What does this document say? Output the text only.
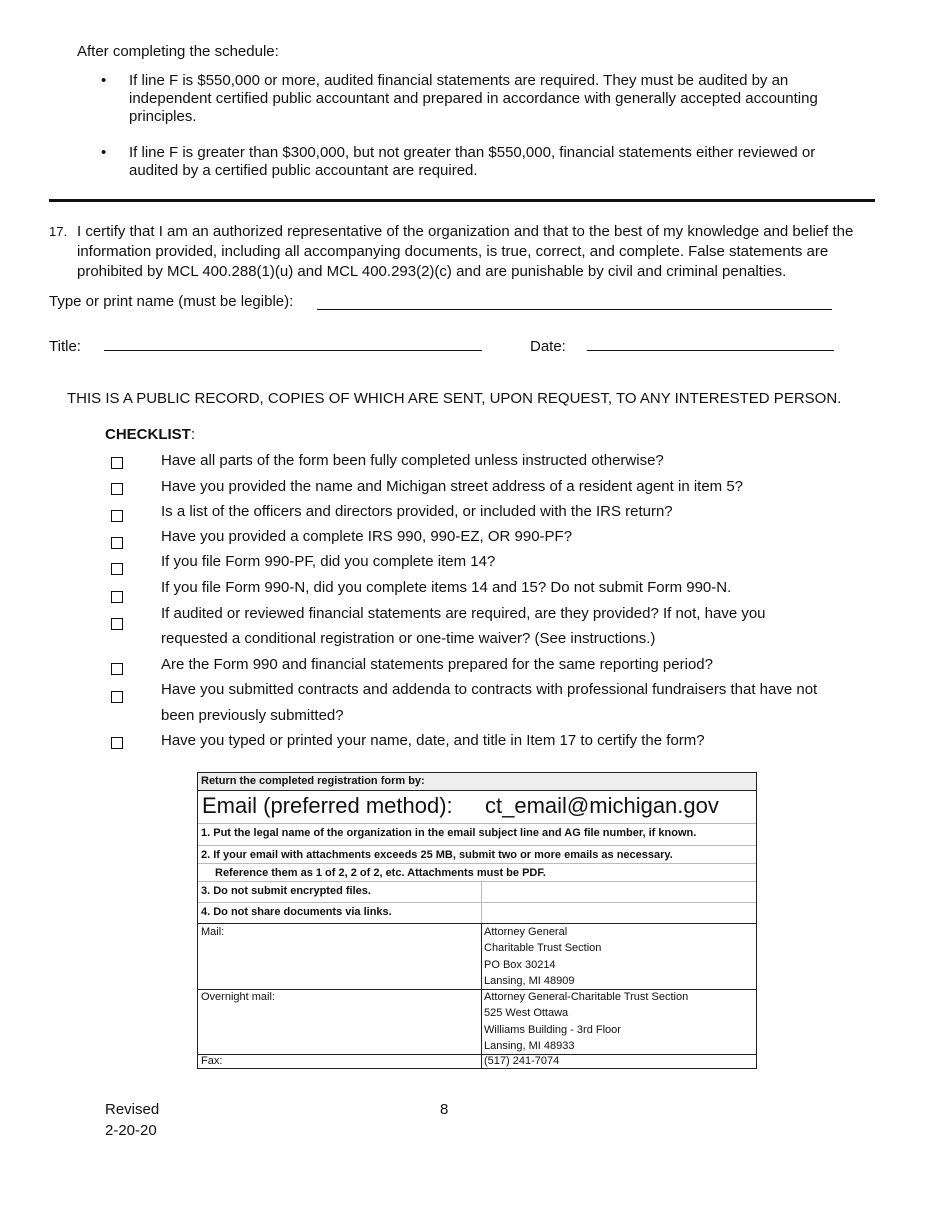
After completing the schedule:
• If line F is $550,000 or more, audited financial statements are required. They must be audited by an
independent certified public accountant and prepared in accordance with generally accepted accounting
principles.
• If line F is greater than $300,000, but not greater than $550,000, financial statements either reviewed or
audited by a certified public accountant are required.
17. I certify that I am an authorized representative of the organization and that to the best of my knowledge and belief the
information provided, including all accompanying documents, is true, correct, and complete. False statements are
prohibited by MCL 400.288(1)(u) and MCL 400.293(2)(c) and are punishable by civil and criminal penalties.
Type or print name (must be legible):
Title:	Date:
THIS IS A PUBLIC RECORD, COPIES OF WHICH ARE SENT, UPON REQUEST, TO ANY INTERESTED PERSON.
CHECKLIST:
Have all parts of the form been fully completed unless instructed otherwise?
Have you provided the name and Michigan street address of a resident agent in item 5?
Is a list of the officers and directors provided, or included with the IRS return?
Have you provided a complete IRS 990, 990-EZ, OR 990-PF?
If you file Form 990-PF, did you complete item 14?
If you file Form 990-N, did you complete items 14 and 15? Do not submit Form 990-N.
If audited or reviewed financial statements are required, are they provided? If not, have you
requested a conditional registration or one-time waiver? (See instructions.)
Are the Form 990 and financial statements prepared for the same reporting period?
Have you submitted contracts and addenda to contracts with professional fundraisers that have not
been previously submitted?
Have you typed or printed your name, date, and title in Item 17 to certify the form?
Return the completed registration form by:
Email (preferred method): ct_email@michigan.gov
1. Put the legal name of the organization in the email subject line and AG file number, if known.
2. If your email with attachments exceeds 25 MB, submit two or more emails as necessary.
Reference them as 1 of 2, 2 of 2, etc. Attachments must be PDF.
3. Do not submit encrypted files.
4. Do not share documents via links.
Mail:	Attorney General
Charitable Trust Section
PO Box 30214
Lansing, MI 48909
Overnight mail:	Attorney General-Charitable Trust Section
525 West Ottawa
Williams Building - 3rd Floor
Lansing, MI 48933
Fax:	(517) 241-7074
Revised
2-20-20
8
